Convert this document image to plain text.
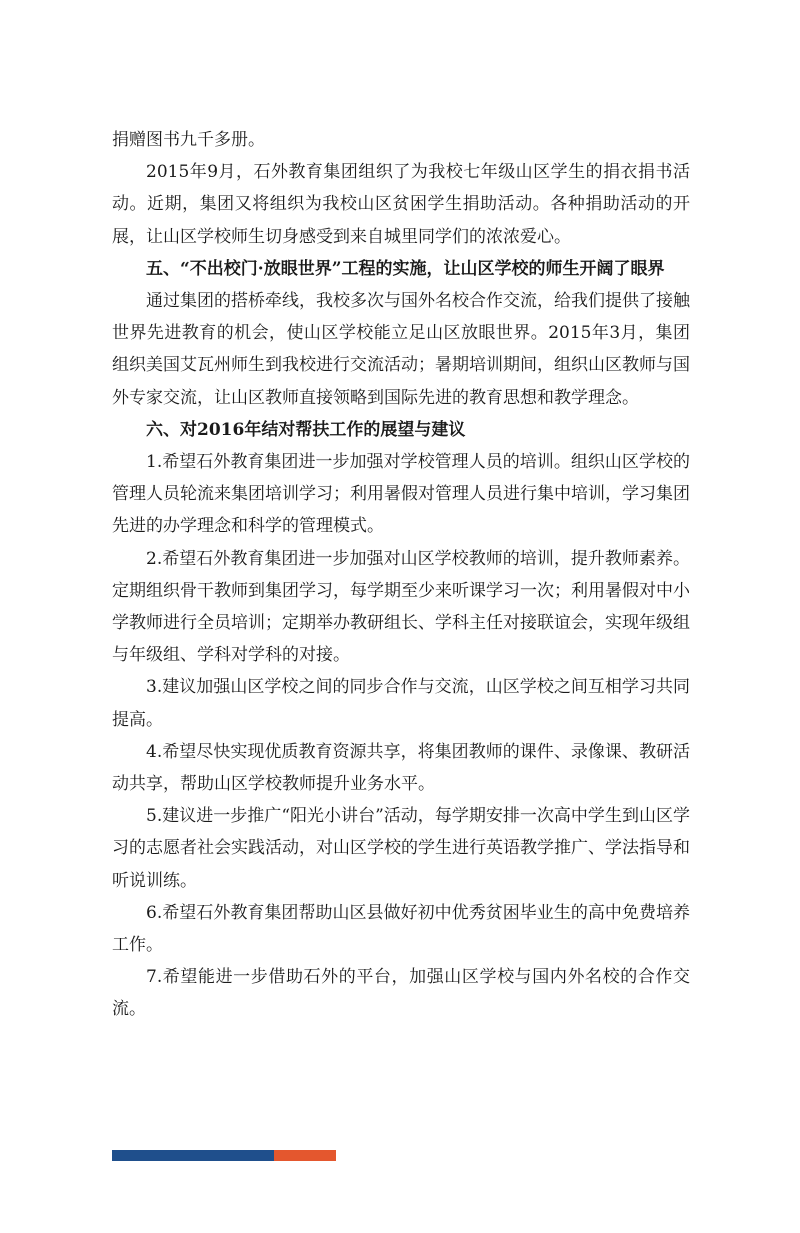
捐赠图书九千多册。

2015年9月，石外教育集团组织了为我校七年级山区学生的捐衣捐书活动。近期，集团又将组织为我校山区贫困学生捐助活动。各种捐助活动的开展，让山区学校师生切身感受到来自城里同学们的浓浓爱心。

五、“不出校门·放眼世界”工程的实施，让山区学校的师生开阔了眼界

通过集团的搭桥牵线，我校多次与国外名校合作交流，给我们提供了接触世界先进教育的机会，使山区学校能立足山区放眼世界。2015年3月，集团组织美国艾瓦州师生到我校进行交流活动；暑期培训期间，组织山区教师与国外专家交流，让山区教师直接领略到国际先进的教育思想和教学理念。

六、对2016年结对帮扶工作的展望与建议

1.希望石外教育集团进一步加强对学校管理人员的培训。组织山区学校的管理人员轮流来集团培训学习；利用暑假对管理人员进行集中培训，学习集团先进的办学理念和科学的管理模式。

2.希望石外教育集团进一步加强对山区学校教师的培训，提升教师素养。定期组织骨干教师到集团学习，每学期至少来听课学习一次；利用暑假对中小学教师进行全员培训；定期举办教研组长、学科主任对接联谊会，实现年级组与年级组、学科对学科的对接。

3.建议加强山区学校之间的同步合作与交流，山区学校之间互相学习共同提高。

4.希望尽快实现优质教育资源共享，将集团教师的课件、录像课、教研活动共享，帮助山区学校教师提升业务水平。

5.建议进一步推广“阳光小讲台”活动，每学期安排一次高中学生到山区学习的志愿者社会实践活动，对山区学校的学生进行英语教学推广、学法指导和听说训练。

6.希望石外教育集团帮助山区县做好初中优秀贫困毕业生的高中免费培养工作。

7.希望能进一步借助石外的平台，加强山区学校与国内外名校的合作交流。
